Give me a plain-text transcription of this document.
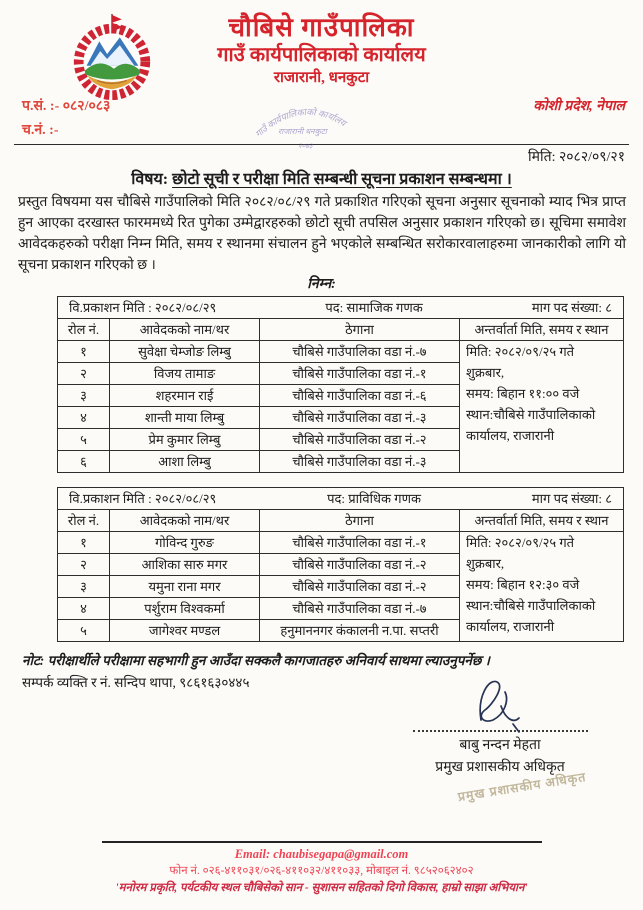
चौबिसे गाउँपालिका
गाउँ कार्यपालिकाको कार्यालय
राजारानी, धनकुटा
गाउँ कार्यपालिकाको कार्यालय
राजारानी धनकुटा
२०७३
प.सं. :- ०८२/०८३	कोशी प्रदेश, नेपाल
च.नं. :-
मिति: २०८२/०९/२१
विषय: छोटो सूची र परीक्षा मिति सम्बन्धी सूचना प्रकाशन सम्बन्धमा ।
प्रस्तुत विषयमा यस चौबिसे गाउँपालिको मिति २०८२/०८/२९ गते प्रकाशित गरिएको सूचना अनुसार सूचनाको म्याद भित्र प्राप्त हुन आएका दरखास्त फारममध्ये रित पुगेका उम्मेद्वारहरुको छोटो सूची तपसिल अनुसार प्रकाशन गरिएको छ। सूचिमा समावेश आवेदकहरुको परीक्षा निम्न मिति, समय र स्थानमा संचालन हुने भएकोले सम्बन्धित सरोकारवालाहरुमा जानकारीको लागि यो सूचना प्रकाशन गरिएको छ ।
निम्न:
वि.प्रकाशन मिति : २०८२/०८/२९ पद: सामाजिक गणक माग पद संख्या: ८			

रोल नं.	आवेदकको नाम/थर	ठेगाना	अन्तर्वार्ता मिति, समय र स्थान
१	सुवेक्षा चेम्जोङ लिम्बु	चौबिसे गाउँपालिका वडा नं.-७	मिति: २०८२/०९/२५ गते
शुक्रबार,
समय: बिहान ११:०० वजे
स्थान:चौबिसे गाउँपालिकाको
कार्यालय, राजारानी

२	विजय तामाङ	चौबिसे गाउँपालिका वडा नं.-१	
३	शहरमान राई	चौबिसे गाउँपालिका वडा नं.-६	
४	शान्ती माया लिम्बु	चौबिसे गाउँपालिका वडा नं.-३	
५	प्रेम कुमार लिम्बु	चौबिसे गाउँपालिका वडा नं.-२	
६	आशा लिम्बु	चौबिसे गाउँपालिका वडा नं.-३	
वि.प्रकाशन मिति : २०८२/०८/२९ पद: प्राविधिक गणक माग पद संख्या: ८			

रोल नं.	आवेदकको नाम/थर	ठेगाना	अन्तर्वार्ता मिति, समय र स्थान
१	गोविन्द गुरुङ	चौबिसे गाउँपालिका वडा नं.-१	मिति: २०८२/०९/२५ गते
शुक्रबार,
समय: बिहान १२:३० वजे
स्थान:चौबिसे गाउँपालिकाको
कार्यालय, राजारानी

२	आशिका सारु मगर	चौबिसे गाउँपालिका वडा नं.-२	
३	यमुना राना मगर	चौबिसे गाउँपालिका वडा नं.-२	
४	पर्शुराम विश्वकर्मा	चौबिसे गाउँपालिका वडा नं.-७	
५	जागेश्वर मण्डल	हनुमाननगर कंकालनी न.पा. सप्तरी	
नोट: परीक्षार्थीले परीक्षामा सहभागी हुन आउँदा सक्कलै कागजातहरु अनिवार्य साथमा ल्याउनुपर्नेछ ।
सम्पर्क व्यक्ति र नं. सन्दिप थापा, ९८६१६३०४४५
बाबु नन्दन मेहता
प्रमुख प्रशासकीय अधिकृत
प्रमुख प्रशासकीय अधिकृत
Email: chaubisegapa@gmail.com
फोन नं. ०२६-४११०३१/०२६-४११०३२/४११०३३, मोबाइल नं. ९८५२०६२४०२
'मनोरम प्रकृति, पर्यटकीय स्थल चौबिसेको सान - सुशासन सहितको दिगो विकास, हाम्रो साझा अभियान'
